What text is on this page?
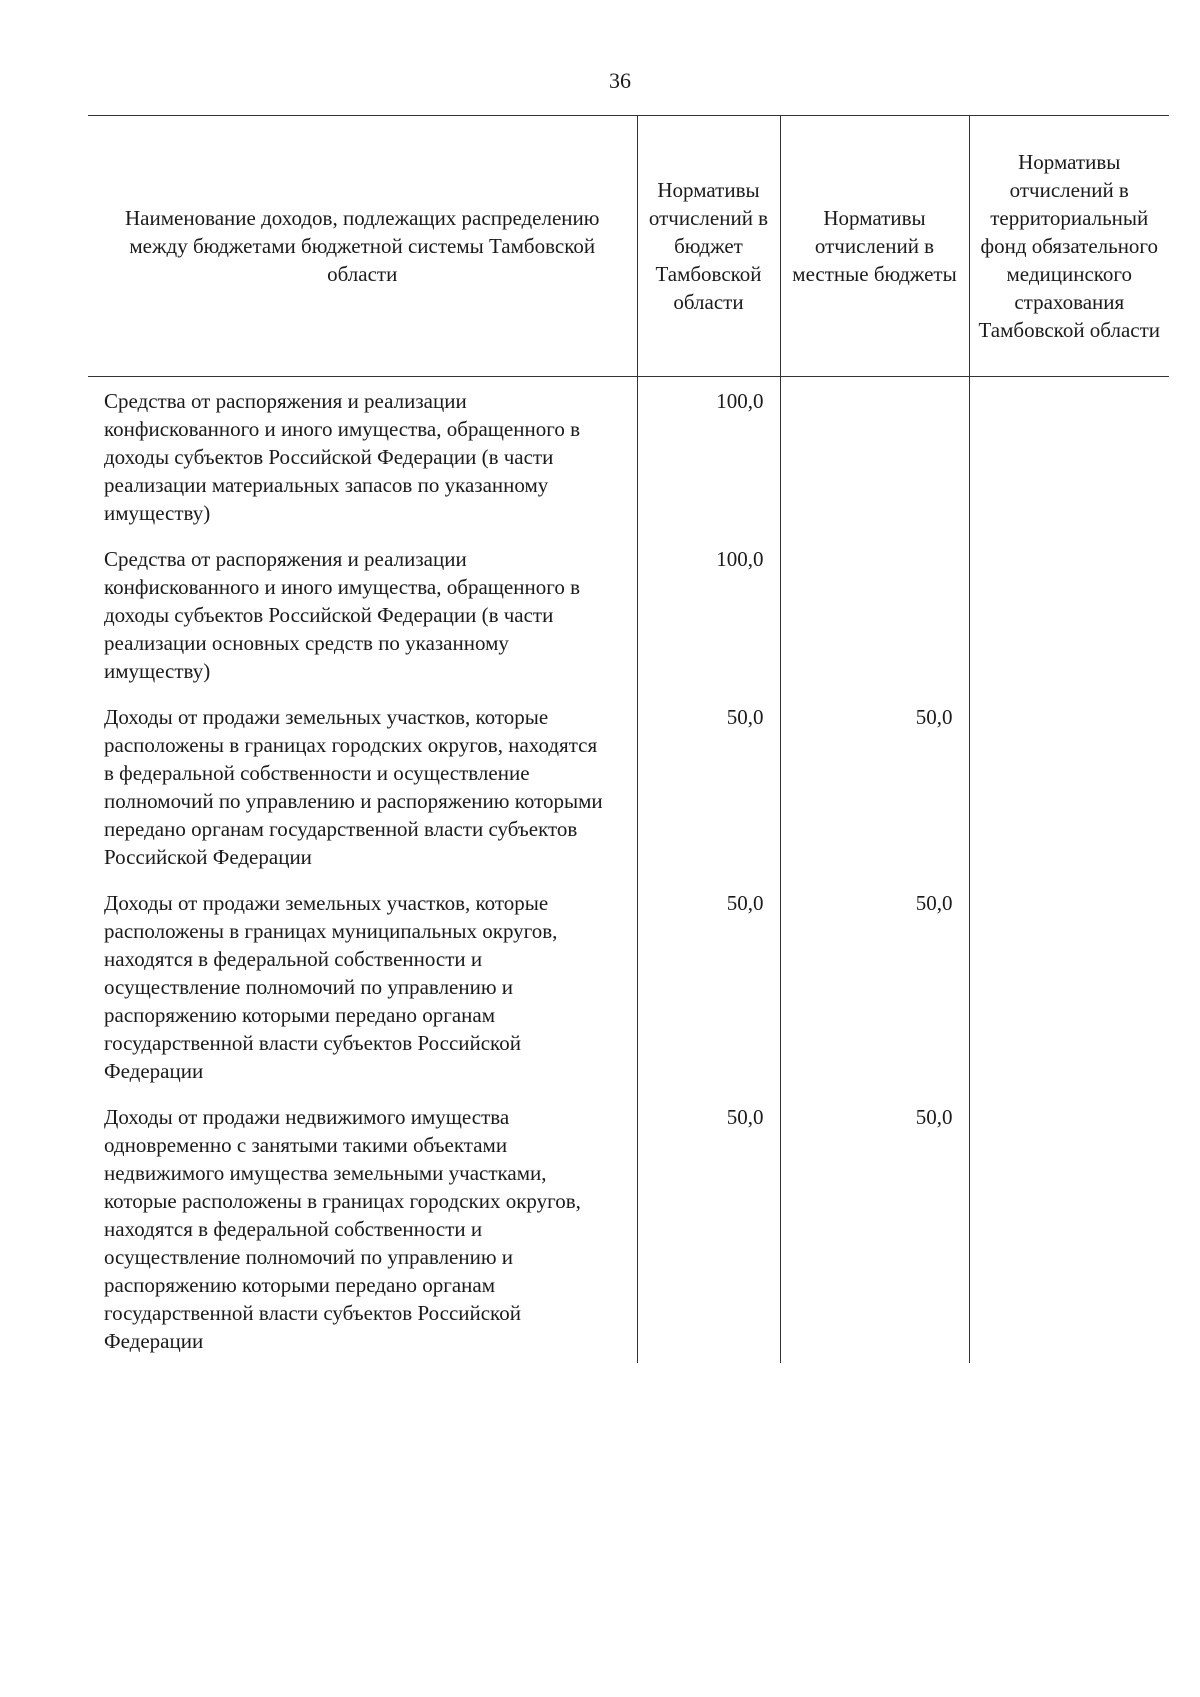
36
Наименование доходов, подлежащих распределению между бюджетами бюджетной системы Тамбовской области	Нормативы отчислений в бюджет Тамбовской области	Нормативы отчислений в местные бюджеты	Нормативы отчислений в территориальный фонд обязательного медицинского страхования Тамбовской области
Средства от распоряжения и реализации конфискованного и иного имущества, обращенного в доходы субъектов Российской Федерации (в части реализации материальных запасов по указанному имуществу)	100,0		
Средства от распоряжения и реализации конфискованного и иного имущества, обращенного в доходы субъектов Российской Федерации (в части реализации основных средств по указанному имуществу)	100,0		
Доходы от продажи земельных участков, которые расположены в границах городских округов, находятся в федеральной собственности и осуществление полномочий по управлению и распоряжению которыми передано органам государственной власти субъектов Российской Федерации	50,0	50,0	
Доходы от продажи земельных участков, которые расположены в границах муниципальных округов, находятся в федеральной собственности и осуществление полномочий по управлению и распоряжению которыми передано органам государственной власти субъектов Российской Федерации	50,0	50,0	
Доходы от продажи недвижимого имущества одновременно с занятыми такими объектами недвижимого имущества земельными участками, которые расположены в границах городских округов, находятся в федеральной собственности и осуществление полномочий по управлению и распоряжению которыми передано органам государственной власти субъектов Российской Федерации	50,0	50,0	
